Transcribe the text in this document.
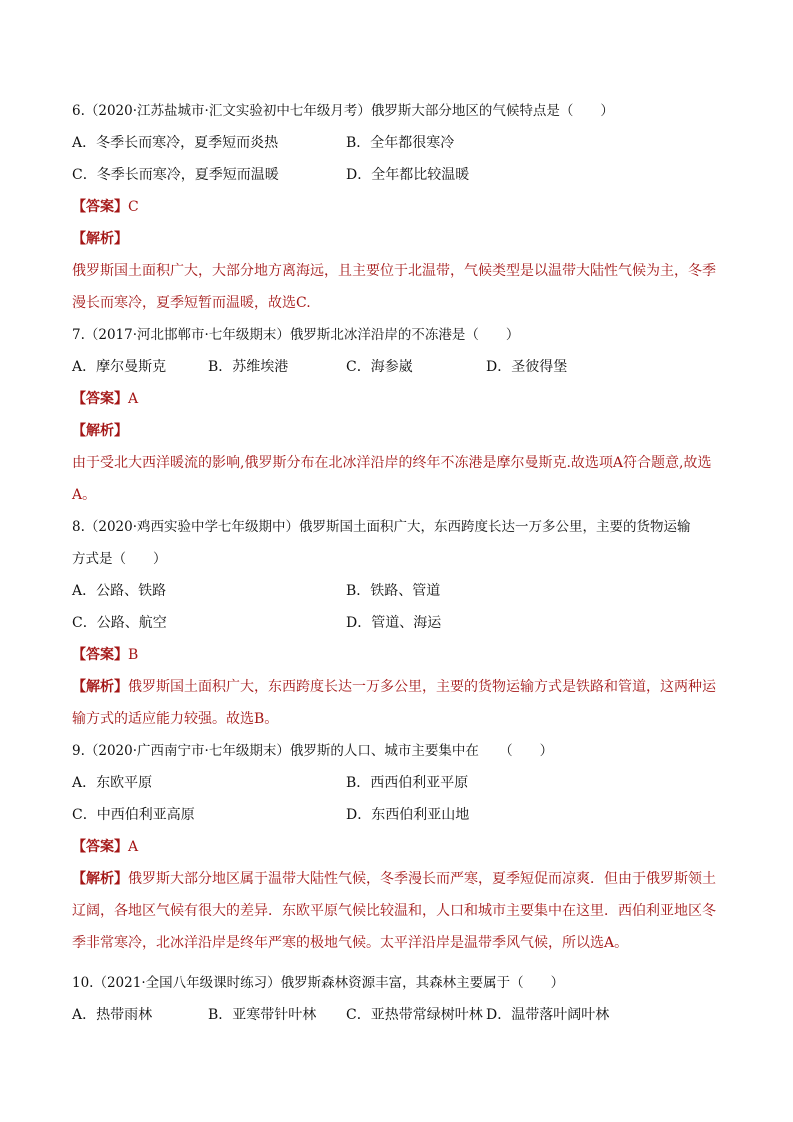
6.（2020·江苏盐城市·汇文实验初中七年级月考）俄罗斯大部分地区的气候特点是（　　）
A．冬季长而寒冷，夏季短而炎热	B．全年都很寒冷
C．冬季长而寒冷，夏季短而温暖	D．全年都比较温暖
【答案】C
【解析】
俄罗斯国土面积广大，大部分地方离海远，且主要位于北温带，气候类型是以温带大陆性气候为主，冬季
漫长而寒冷，夏季短暂而温暖，故选C.
7.（2017·河北邯郸市·七年级期末）俄罗斯北冰洋沿岸的不冻港是（　　）
A．摩尔曼斯克	B．苏维埃港	C．海参崴	D．圣彼得堡
【答案】A
【解析】
由于受北大西洋暖流的影响,俄罗斯分布在北冰洋沿岸的终年不冻港是摩尔曼斯克.故选项A符合题意,故选
A。
8.（2020·鸡西实验中学七年级期中）俄罗斯国土面积广大，东西跨度长达一万多公里，主要的货物运输
方式是（　　）
A．公路、铁路	B．铁路、管道
C．公路、航空	D．管道、海运
【答案】B
【解析】俄罗斯国土面积广大，东西跨度长达一万多公里，主要的货物运输方式是铁路和管道，这两种运
输方式的适应能力较强。故选B。
9.（2020·广西南宁市·七年级期末）俄罗斯的人口、城市主要集中在　　（　　）
A．东欧平原	B．西西伯利亚平原
C．中西伯利亚高原	D．东西伯利亚山地
【答案】A
【解析】俄罗斯大部分地区属于温带大陆性气候，冬季漫长而严寒，夏季短促而凉爽．但由于俄罗斯领土
辽阔，各地区气候有很大的差异．东欧平原气候比较温和，人口和城市主要集中在这里．西伯利亚地区冬
季非常寒冷，北冰洋沿岸是终年严寒的极地气候。太平洋沿岸是温带季风气候，所以选A。
10.（2021·全国八年级课时练习）俄罗斯森林资源丰富，其森林主要属于（　　）
A．热带雨林	B．亚寒带针叶林 C．亚热带常绿树叶林 D．温带落叶阔叶林
